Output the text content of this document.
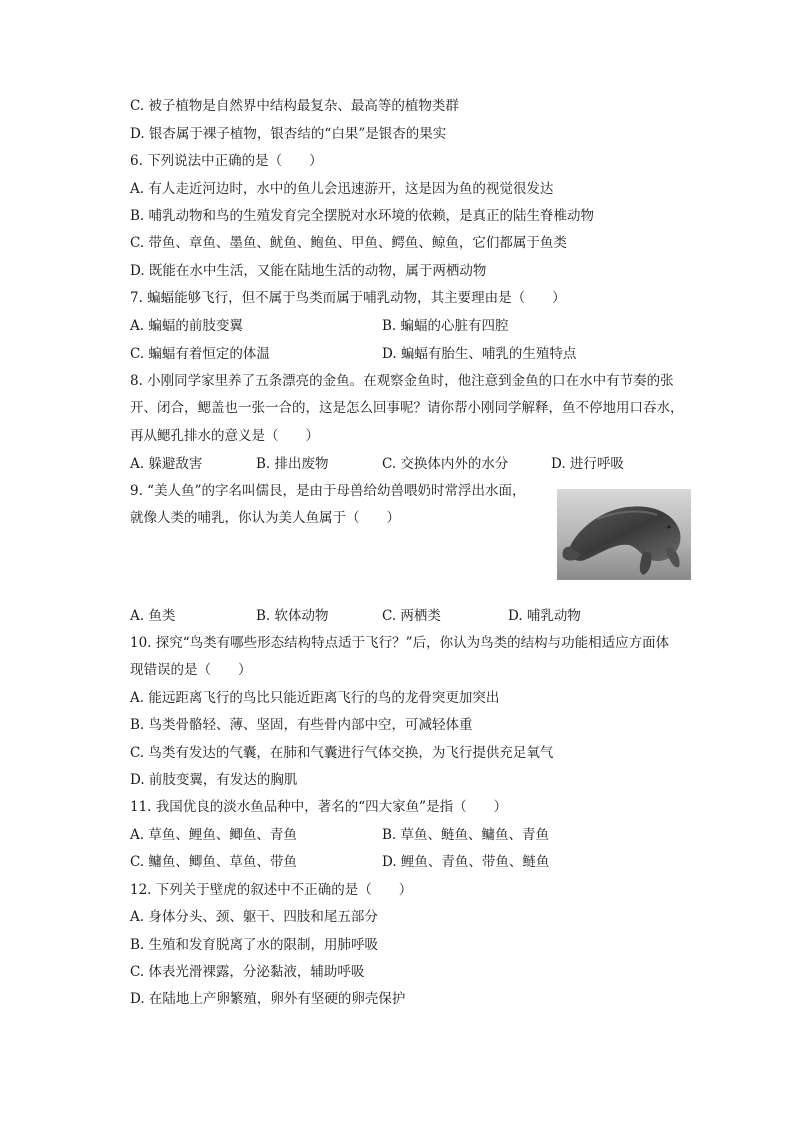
C. 被子植物是自然界中结构最复杂、最高等的植物类群
D. 银杏属于裸子植物，银杏结的“白果”是银杏的果实
6. 下列说法中正确的是（　　）
A. 有人走近河边时，水中的鱼儿会迅速游开，这是因为鱼的视觉很发达
B. 哺乳动物和鸟的生殖发育完全摆脱对水环境的依赖，是真正的陆生脊椎动物
C. 带鱼、章鱼、墨鱼、鱿鱼、鲍鱼、甲鱼、鳄鱼、鲸鱼，它们都属于鱼类
D. 既能在水中生活，又能在陆地生活的动物，属于两栖动物
7. 蝙蝠能够飞行，但不属于鸟类而属于哺乳动物，其主要理由是（　　）
A. 蝙蝠的前肢变翼	B. 蝙蝠的心脏有四腔
C. 蝙蝠有着恒定的体温	D. 蝙蝠有胎生、哺乳的生殖特点
8. 小刚同学家里养了五条漂亮的金鱼。在观察金鱼时，他注意到金鱼的口在水中有节奏的张
开、闭合，鳃盖也一张一合的，这是怎么回事呢？请你帮小刚同学解释，鱼不停地用口吞水，
再从鳃孔排水的意义是（　　）
A. 躲避敌害	B. 排出废物	C. 交换体内外的水分	D. 进行呼吸
9. “美人鱼”的字名叫儒艮，是由于母兽给幼兽喂奶时常浮出水面，
就像人类的哺乳，你认为美人鱼属于（　　）
A. 鱼类	B. 软体动物	C. 两栖类	D. 哺乳动物
10. 探究“鸟类有哪些形态结构特点适于飞行？”后，你认为鸟类的结构与功能相适应方面体
现错误的是（　　）
A. 能远距离飞行的鸟比只能近距离飞行的鸟的龙骨突更加突出
B. 鸟类骨骼轻、薄、坚固，有些骨内部中空，可减轻体重
C. 鸟类有发达的气囊，在肺和气囊进行气体交换，为飞行提供充足氧气
D. 前肢变翼，有发达的胸肌
11. 我国优良的淡水鱼品种中，著名的“四大家鱼”是指（　　）
A. 草鱼、鲤鱼、鲫鱼、青鱼	B. 草鱼、鲢鱼、鳙鱼、青鱼
C. 鳙鱼、鲫鱼、草鱼、带鱼	D. 鲤鱼、青鱼、带鱼、鲢鱼
12. 下列关于壁虎的叙述中不正确的是（　　）
A. 身体分头、颈、躯干、四肢和尾五部分
B. 生殖和发育脱离了水的限制，用肺呼吸
C. 体表光滑裸露，分泌黏液，辅助呼吸
D. 在陆地上产卵繁殖，卵外有坚硬的卵壳保护
